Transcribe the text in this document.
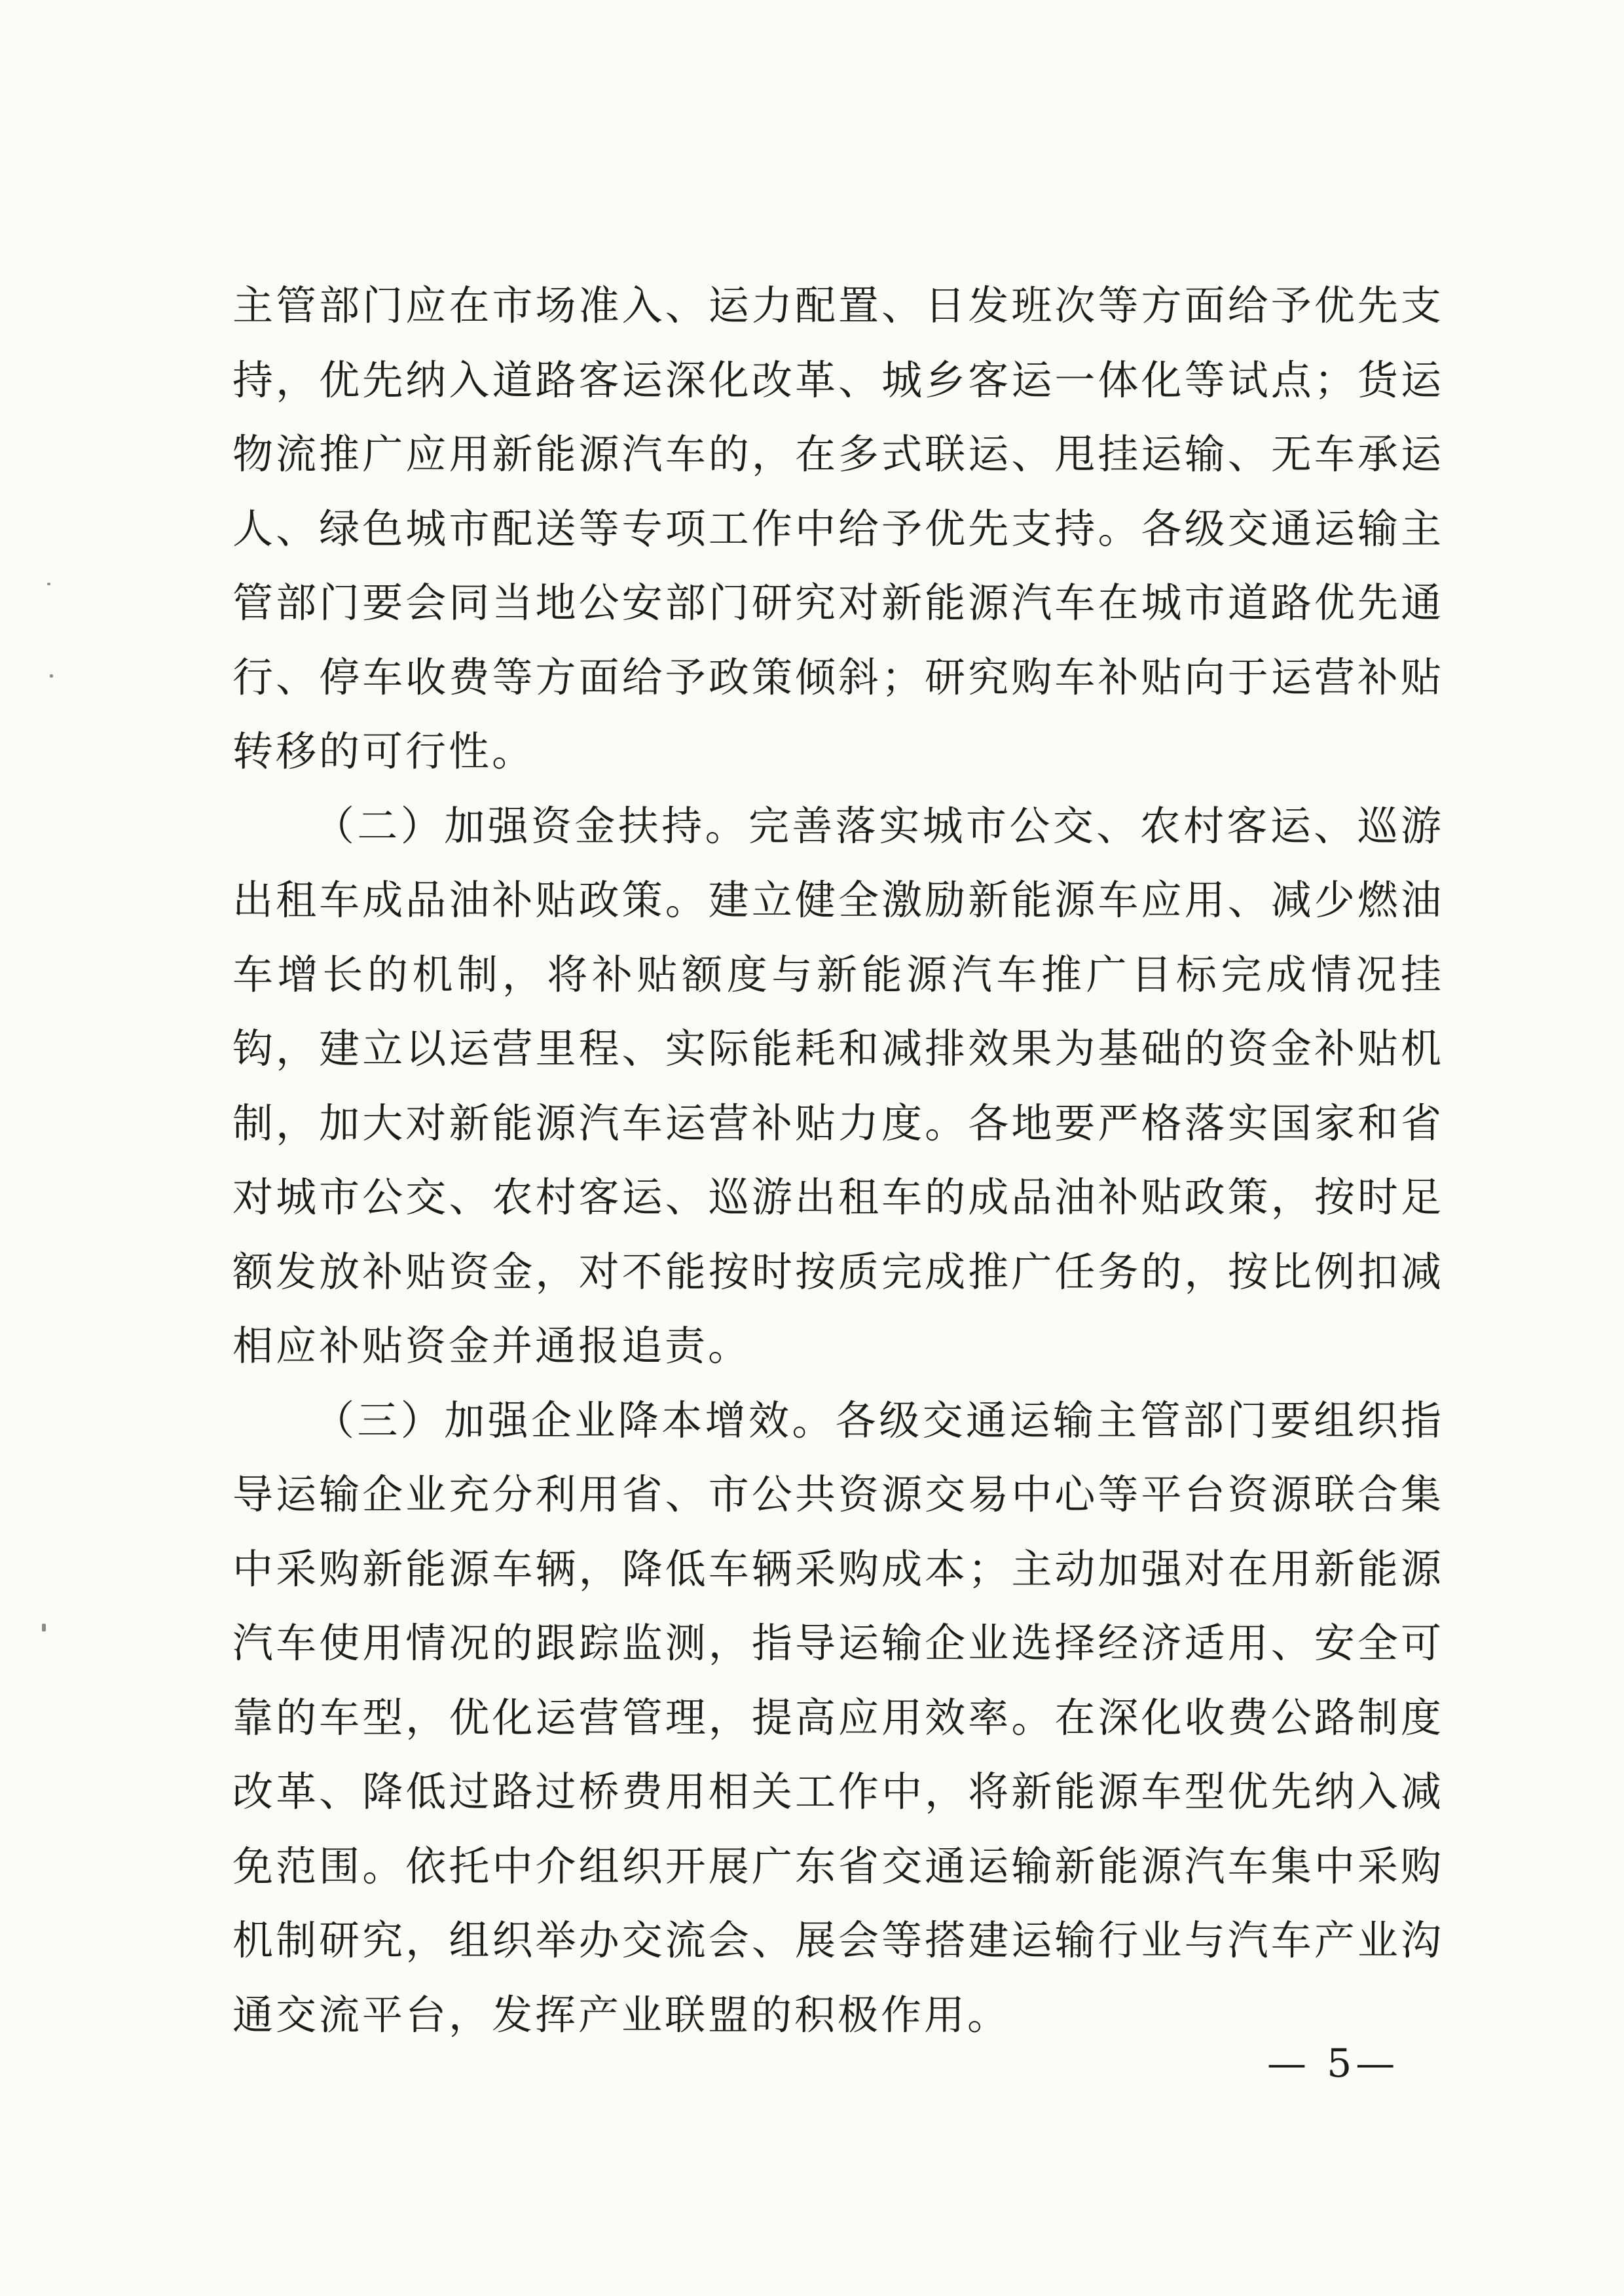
主管部门应在市场准入、运力配置、日发班次等方面给予优先支持，优先纳入道路客运深化改革、城乡客运一体化等试点；货运物流推广应用新能源汽车的，在多式联运、甩挂运输、无车承运人、绿色城市配送等专项工作中给予优先支持。各级交通运输主管部门要会同当地公安部门研究对新能源汽车在城市道路优先通行、停车收费等方面给予政策倾斜；研究购车补贴向于运营补贴转移的可行性。

（二）加强资金扶持。完善落实城市公交、农村客运、巡游出租车成品油补贴政策。建立健全激励新能源车应用、减少燃油车增长的机制，将补贴额度与新能源汽车推广目标完成情况挂钩，建立以运营里程、实际能耗和减排效果为基础的资金补贴机制，加大对新能源汽车运营补贴力度。各地要严格落实国家和省对城市公交、农村客运、巡游出租车的成品油补贴政策，按时足额发放补贴资金，对不能按时按质完成推广任务的，按比例扣减相应补贴资金并通报追责。

（三）加强企业降本增效。各级交通运输主管部门要组织指导运输企业充分利用省、市公共资源交易中心等平台资源联合集中采购新能源车辆，降低车辆采购成本；主动加强对在用新能源汽车使用情况的跟踪监测，指导运输企业选择经济适用、安全可靠的车型，优化运营管理，提高应用效率。在深化收费公路制度改革、降低过路过桥费用相关工作中，将新能源车型优先纳入减免范围。依托中介组织开展广东省交通运输新能源汽车集中采购机制研究，组织举办交流会、展会等搭建运输行业与汽车产业沟通交流平台，发挥产业联盟的积极作用。

— 5—
